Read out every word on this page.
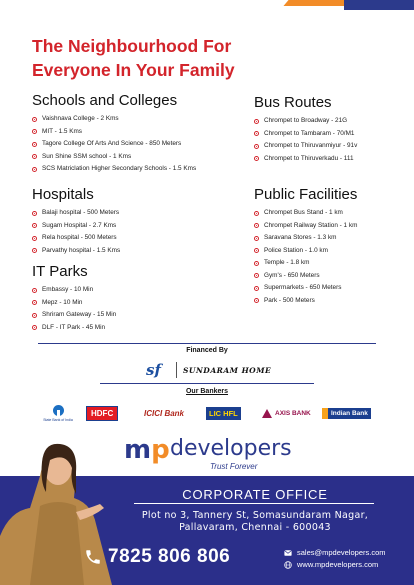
The Neighbourhood For
Everyone In Your Family
Schools and Colleges
Vaishnava College - 2 Kms
MIT - 1.5 Kms
Tagore College Of Arts And Science - 850 Meters
Sun Shine SSM school - 1 Kms
SCS Matriclation Higher Secondary Schools - 1.5 Kms
Bus Routes
Chrompet to Broadway - 21G
Chrompet to Tambaram - 70/M1
Chrompet to Thiruvanmiyur - 91v
Chrompet to Thiruverkadu - 111
Hospitals
Balaji hospital - 500 Meters
Sugam Hospital - 2.7 Kms
Rela hospital - 500 Meters
Parvathy hospital - 1.5 Kms
Public Facilities
Chrompet Bus Stand - 1 km
Chrompet Railway Station - 1 km
Saravana Stores - 1.3 km
Police Station - 1.0 km
Temple - 1.8 km
Gym's - 650 Meters
Supermarkets - 650 Meters
Park - 500 Meters
IT Parks
Embassy - 10 Min
Mepz - 10 Min
Shriram Gateway - 15 Min
DLF - IT Park - 45 Min
Financed By
sf	SUNDARAM HOME
Our Bankers
State Bank of India
HDFC	ICICI Bank	LIC HFL	AXIS BANK	Indian Bank
mp developers
Trust Forever
CORPORATE OFFICE
Plot no 3, Tannery St, Somasundaram Nagar,
Pallavaram, Chennai - 600043
7825 806 806	sales@mpdevelopers.com
www.mpdevelopers.com
